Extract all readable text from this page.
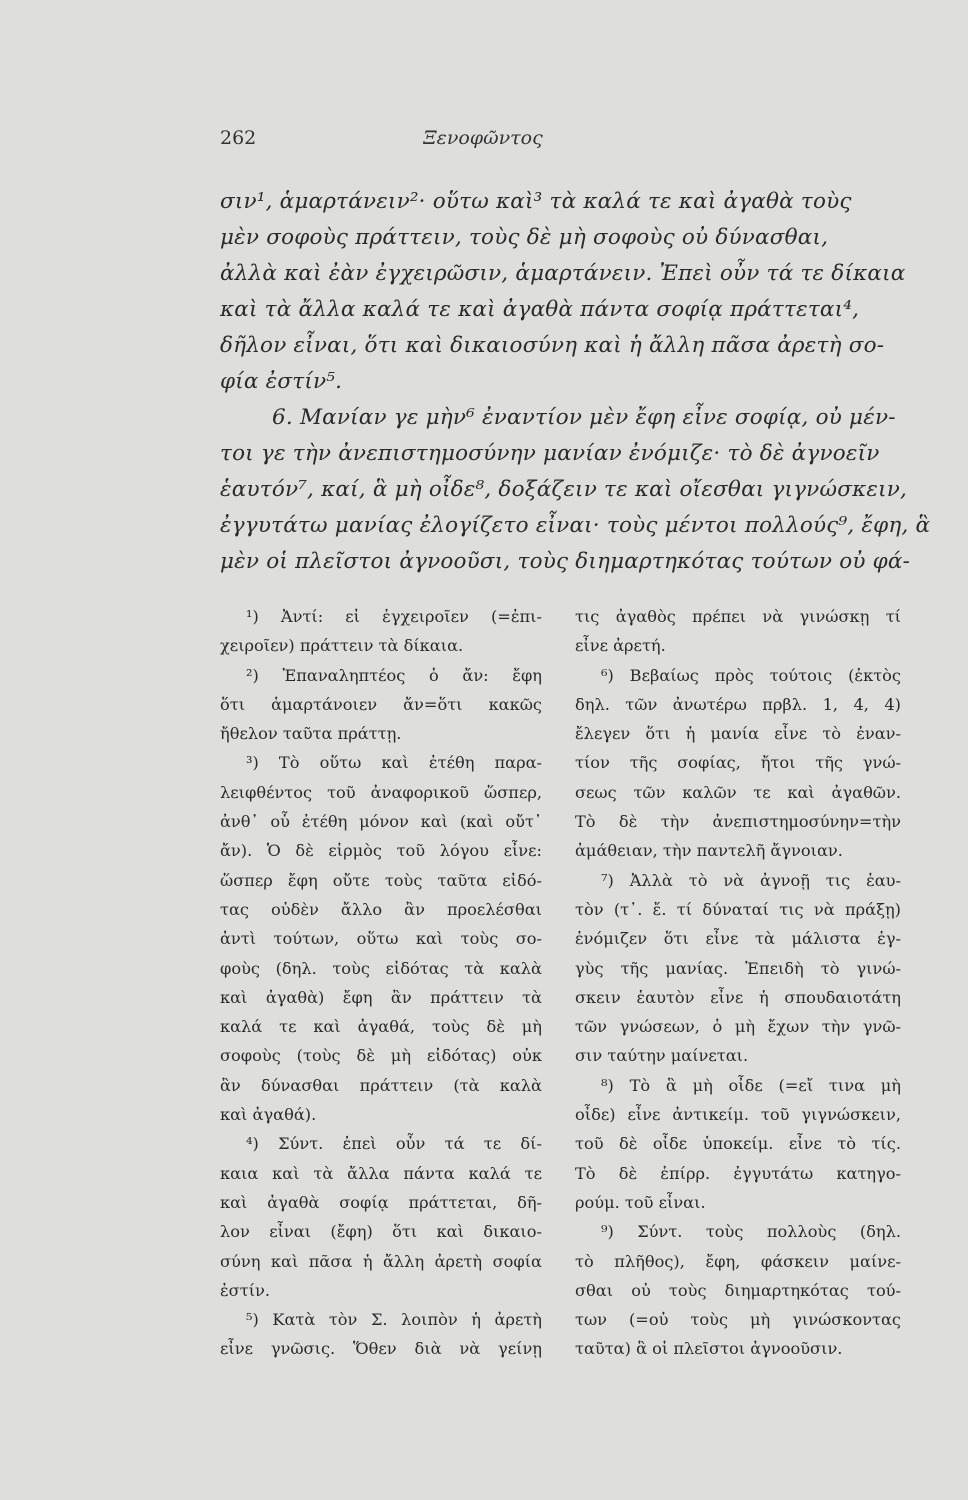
262	Ξενοφῶντος
σιν¹, ἁμαρτάνειν²· οὕτω καὶ³ τὰ καλά τε καὶ ἀγαθὰ τοὺς
μὲν σοφοὺς πράττειν, τοὺς δὲ μὴ σοφοὺς οὐ δύνασθαι,
ἀλλὰ καὶ ἐὰν ἐγχειρῶσιν, ἁμαρτάνειν. Ἐπεὶ οὖν τά τε δίκαια
καὶ τὰ ἄλλα καλά τε καὶ ἀγαθὰ πάντα σοφίᾳ πράττεται⁴,
δῆλον εἶναι, ὅτι καὶ δικαιοσύνη καὶ ἡ ἄλλη πᾶσα ἀρετὴ σο-
φία ἐστίν⁵.
6. Μανίαν γε μὴν⁶ ἐναντίον μὲν ἔφη εἶνε σοφίᾳ, οὐ μέν-
τοι γε τὴν ἀνεπιστημοσύνην μανίαν ἐνόμιζε· τὸ δὲ ἀγνοεῖν
ἑαυτόν⁷, καί, ἃ μὴ οἶδε⁸, δοξάζειν τε καὶ οἴεσθαι γιγνώσκειν,
ἐγγυτάτω μανίας ἐλογίζετο εἶναι· τοὺς μέντοι πολλούς⁹, ἔφη, ἃ
μὲν οἱ πλεῖστοι ἀγνοοῦσι, τοὺς διημαρτηκότας τούτων οὐ φά-
¹) Ἀντί: εἰ ἐγχειροῖεν (=ἐπι-
χειροῖεν) πράττειν τὰ δίκαια.
²) Ἐπαναληπτέος ὁ ἄν: ἔφη
ὅτι ἁμαρτάνοιεν ἄν=ὅτι κακῶς
ἤθελον ταῦτα πράττῃ.
³) Τὸ οὕτω καὶ ἐτέθη παρα-
λειφθέντος τοῦ ἀναφορικοῦ ὥσπερ,
ἀνθ᾽ οὗ ἐτέθη μόνον καὶ (καὶ οὔτ᾽
ἄν). Ὁ δὲ εἱρμὸς τοῦ λόγου εἶνε:
ὥσπερ ἔφη οὔτε τοὺς ταῦτα εἰδό-
τας οὐδὲν ἄλλο ἂν προελέσθαι
ἀντὶ τούτων, οὕτω καὶ τοὺς σο-
φοὺς (δηλ. τοὺς εἰδότας τὰ καλὰ
καὶ ἀγαθὰ) ἔφη ἂν πράττειν τὰ
καλά τε καὶ ἀγαθά, τοὺς δὲ μὴ
σοφοὺς (τοὺς δὲ μὴ εἰδότας) οὐκ
ἂν δύνασθαι πράττειν (τὰ καλὰ
καὶ ἀγαθά).
⁴) Σύντ. ἐπεὶ οὖν τά τε δί-
καια καὶ τὰ ἄλλα πάντα καλά τε
καὶ ἀγαθὰ σοφίᾳ πράττεται, δῆ-
λον εἶναι (ἔφη) ὅτι καὶ δικαιο-
σύνη καὶ πᾶσα ἡ ἄλλη ἀρετὴ σοφία
ἐστίν.
⁵) Κατὰ τὸν Σ. λοιπὸν ἡ ἀρετὴ
εἶνε γνῶσις. Ὅθεν διὰ νὰ γείνῃ
τις ἀγαθὸς πρέπει νὰ γινώσκῃ τί
εἶνε ἀρετή.
⁶) Βεβαίως πρὸς τούτοις (ἐκτὸς
δηλ. τῶν ἀνωτέρω πρβλ. 1, 4, 4)
ἔλεγεν ὅτι ἡ μανία εἶνε τὸ ἐναν-
τίον τῆς σοφίας, ἤτοι τῆς γνώ-
σεως τῶν καλῶν τε καὶ ἀγαθῶν.
Τὸ δὲ τὴν ἀνεπιστημοσύνην=τὴν
ἀμάθειαν, τὴν παντελῆ ἄγνοιαν.
⁷) Ἀλλὰ τὸ νὰ ἀγνοῇ τις ἑαυ-
τὸν (τ᾽. ἔ. τί δύναταί τις νὰ πράξῃ)
ἐνόμιζεν ὅτι εἶνε τὰ μάλιστα ἐγ-
γὺς τῆς μανίας. Ἐπειδὴ τὸ γινώ-
σκειν ἑαυτὸν εἶνε ἡ σπουδαιοτάτη
τῶν γνώσεων, ὁ μὴ ἔχων τὴν γνῶ-
σιν ταύτην μαίνεται.
⁸) Τὸ ἃ μὴ οἶδε (=εἴ τινα μὴ
οἶδε) εἶνε ἀντικείμ. τοῦ γιγνώσκειν,
τοῦ δὲ οἶδε ὑποκείμ. εἶνε τὸ τίς.
Τὸ δὲ ἐπίρρ. ἐγγυτάτω κατηγο-
ρούμ. τοῦ εἶναι.
⁹) Σύντ. τοὺς πολλοὺς (δηλ.
τὸ πλῆθος), ἔφη, φάσκειν μαίνε-
σθαι οὐ τοὺς διημαρτηκότας τού-
των (=οὐ τοὺς μὴ γινώσκοντας
ταῦτα) ἃ οἱ πλεῖστοι ἀγνοοῦσιν.
